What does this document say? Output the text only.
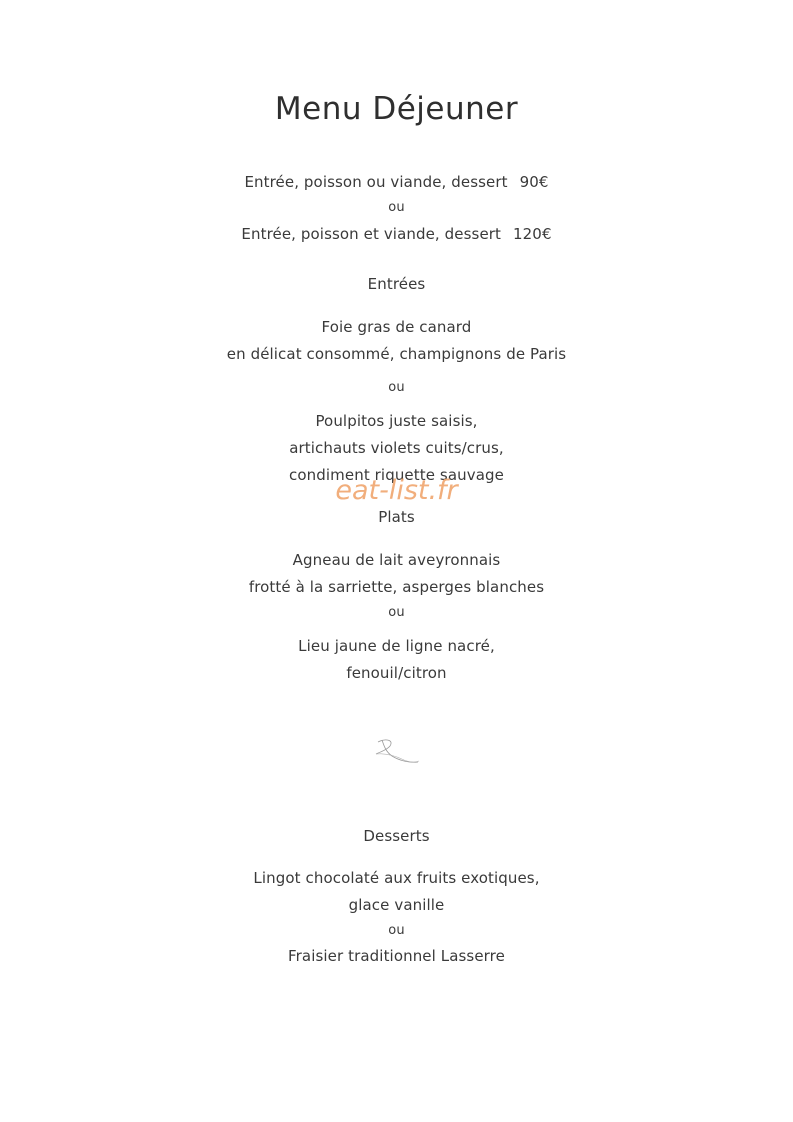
Menu Déjeuner
Entrée, poisson ou viande, dessert 90€
ou
Entrée, poisson et viande, dessert 120€
Entrées
Foie gras de canard
en délicat consommé, champignons de Paris
ou
Poulpitos juste saisis,
artichauts violets cuits/crus,
condiment riquette sauvage
Plats
Agneau de lait aveyronnais
frotté à la sarriette, asperges blanches
ou
Lieu jaune de ligne nacré,
fenouil/citron
Desserts
Lingot chocolaté aux fruits exotiques,
glace vanille
ou
Fraisier traditionnel Lasserre
eat-list.fr
